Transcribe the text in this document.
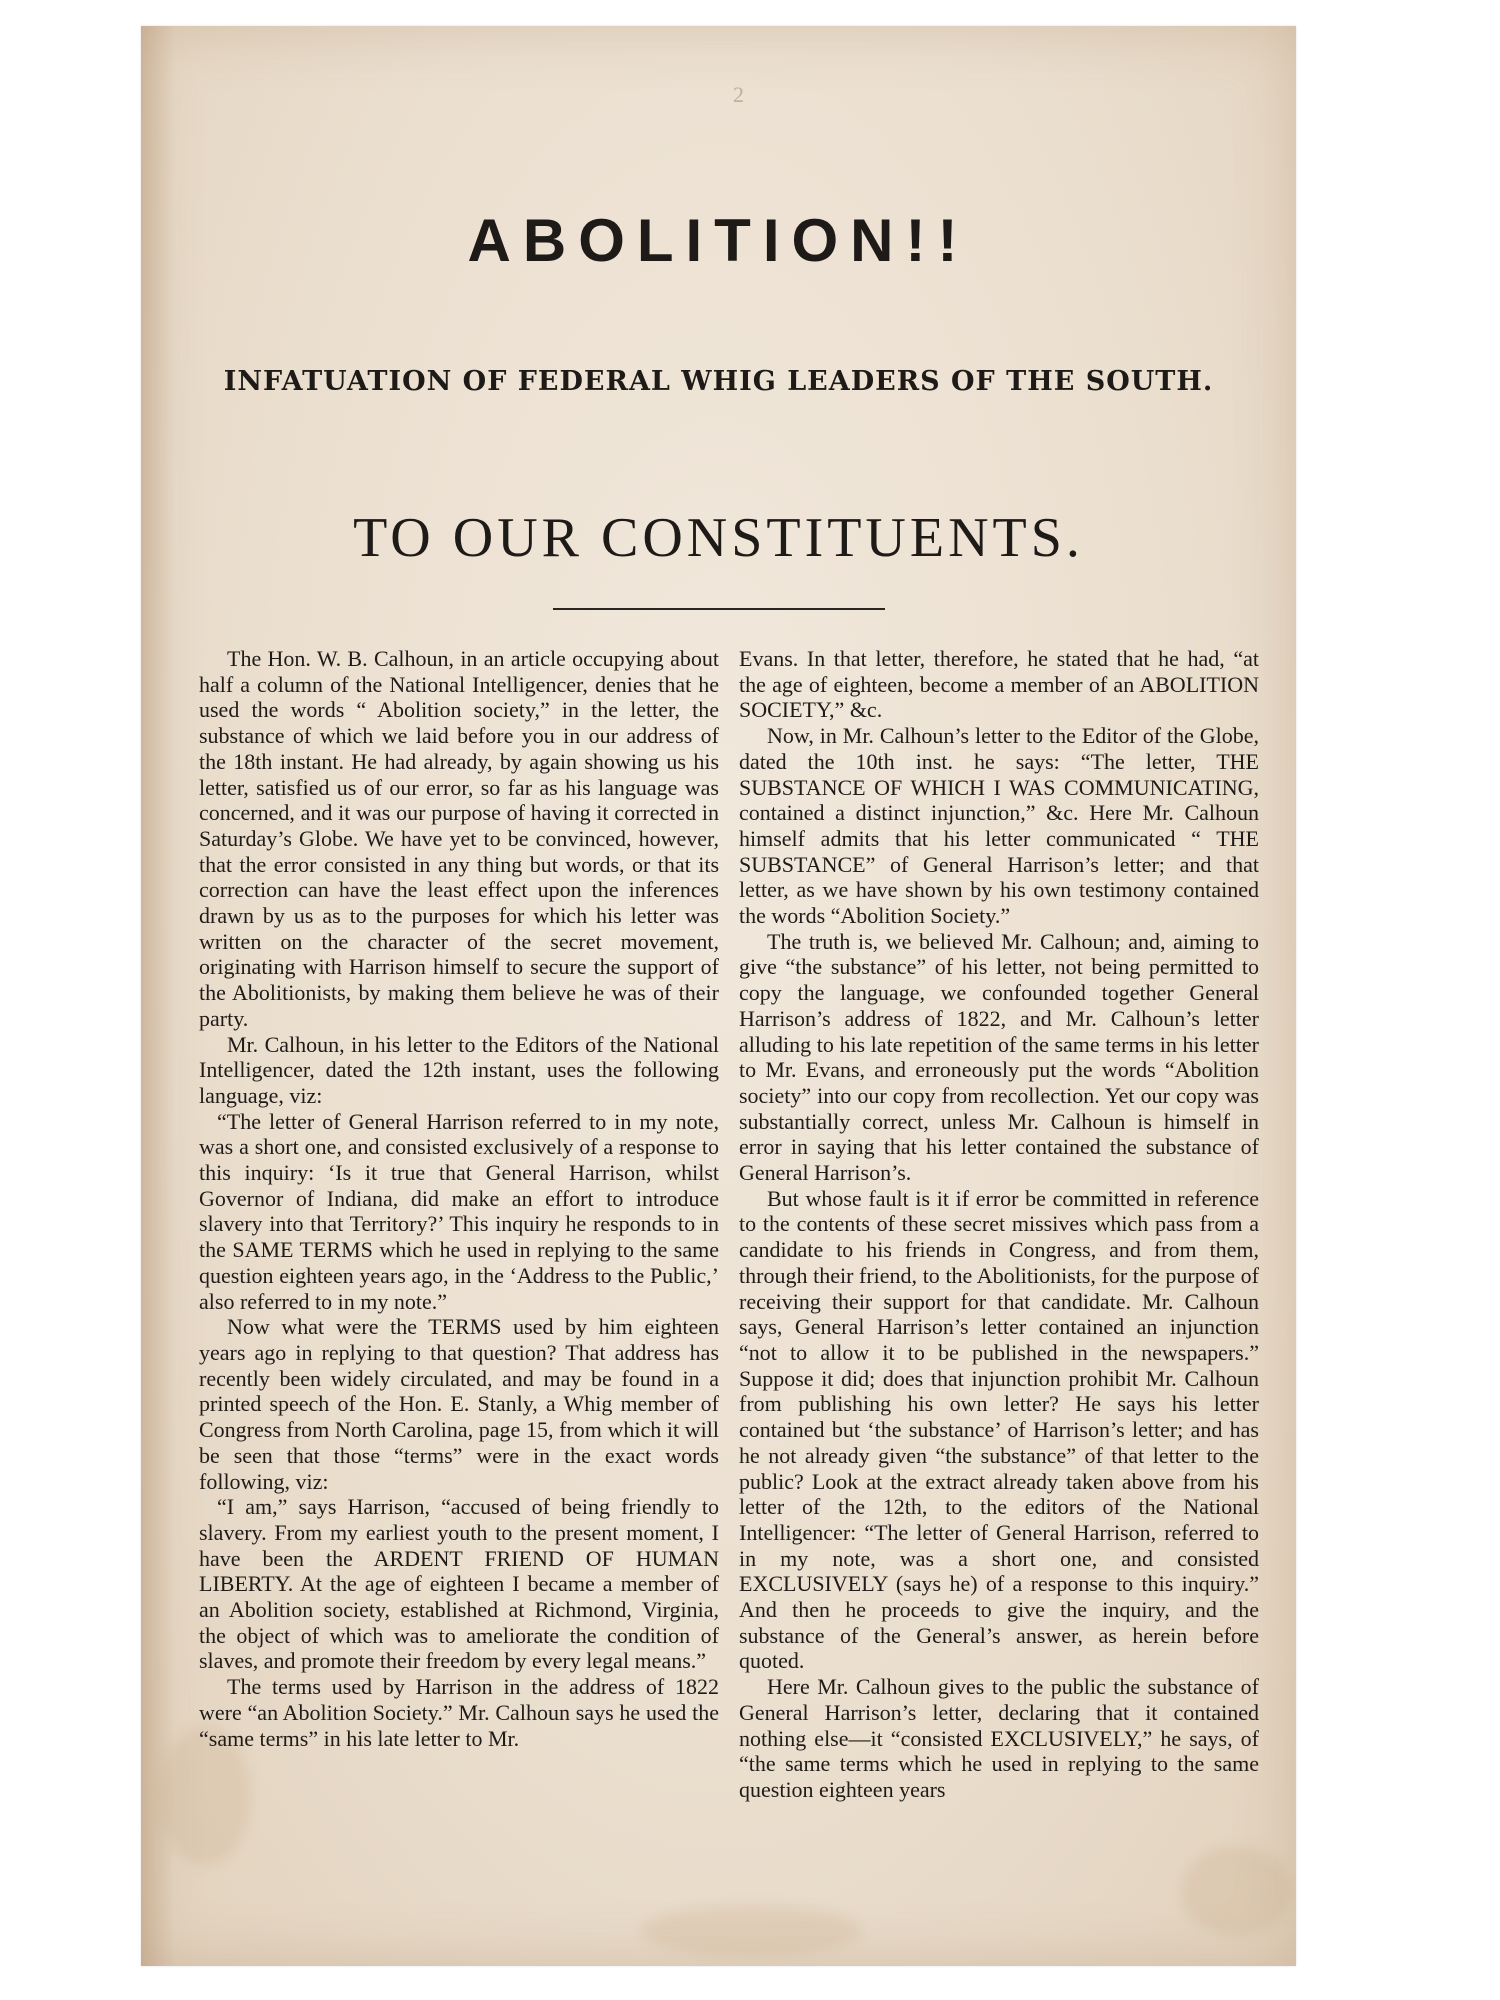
2
ABOLITION!!
INFATUATION OF FEDERAL WHIG LEADERS OF THE SOUTH.
TO OUR CONSTITUENTS.

The Hon. W. B. Calhoun, in an article occupying about half a column of the National Intelligencer, denies that he used the words “ Abolition society,” in the letter, the substance of which we laid before you in our address of the 18th instant. He had already, by again showing us his letter, satisfied us of our error, so far as his language was concerned, and it was our purpose of having it corrected in Saturday’s Globe. We have yet to be convinced, however, that the error consisted in any thing but words, or that its correction can have the least effect upon the inferences drawn by us as to the purposes for which his letter was written on the character of the secret movement, originating with Harrison himself to secure the support of the Abolitionists, by making them believe he was of their party.

Mr. Calhoun, in his letter to the Editors of the National Intelligencer, dated the 12th instant, uses the following language, viz:

“The letter of General Harrison referred to in my note, was a short one, and consisted exclusively of a response to this inquiry: ‘Is it true that General Harrison, whilst Governor of Indiana, did make an effort to introduce slavery into that Territory?’ This inquiry he responds to in the SAME TERMS which he used in replying to the same question eighteen years ago, in the ‘Address to the Public,’ also referred to in my note.”

Now what were the TERMS used by him eighteen years ago in replying to that question? That address has recently been widely circulated, and may be found in a printed speech of the Hon. E. Stanly, a Whig member of Congress from North Carolina, page 15, from which it will be seen that those “terms” were in the exact words following, viz:

“I am,” says Harrison, “accused of being friendly to slavery. From my earliest youth to the present moment, I have been the ARDENT FRIEND OF HUMAN LIBERTY. At the age of eighteen I became a member of an Abolition society, established at Richmond, Virginia, the object of which was to ameliorate the condition of slaves, and promote their freedom by every legal means.”

The terms used by Harrison in the address of 1822 were “an Abolition Society.” Mr. Calhoun says he used the “same terms” in his late letter to Mr.

Evans. In that letter, therefore, he stated that he had, “at the age of eighteen, become a member of an ABOLITION SOCIETY,” &c.

Now, in Mr. Calhoun’s letter to the Editor of the Globe, dated the 10th inst. he says: “The letter, THE SUBSTANCE OF WHICH I WAS COMMUNICATING, contained a distinct injunction,” &c. Here Mr. Calhoun himself admits that his letter communicated “ THE SUBSTANCE” of General Harrison’s letter; and that letter, as we have shown by his own testimony contained the words “Abolition Society.”

The truth is, we believed Mr. Calhoun; and, aiming to give “the substance” of his letter, not being permitted to copy the language, we confounded together General Harrison’s address of 1822, and Mr. Calhoun’s letter alluding to his late repetition of the same terms in his letter to Mr. Evans, and erroneously put the words “Abolition society” into our copy from recollection. Yet our copy was substantially correct, unless Mr. Calhoun is himself in error in saying that his letter contained the substance of General Harrison’s.

But whose fault is it if error be committed in reference to the contents of these secret missives which pass from a candidate to his friends in Congress, and from them, through their friend, to the Abolitionists, for the purpose of receiving their support for that candidate. Mr. Calhoun says, General Harrison’s letter contained an injunction “not to allow it to be published in the newspapers.” Suppose it did; does that injunction prohibit Mr. Calhoun from publishing his own letter? He says his letter contained but ‘the substance’ of Harrison’s letter; and has he not already given “the substance” of that letter to the public? Look at the extract already taken above from his letter of the 12th, to the editors of the National Intelligencer: “The letter of General Harrison, referred to in my note, was a short one, and consisted EXCLUSIVELY (says he) of a response to this inquiry.” And then he proceeds to give the inquiry, and the substance of the General’s answer, as herein before quoted.

Here Mr. Calhoun gives to the public the substance of General Harrison’s letter, declaring that it contained nothing else—it “consisted EXCLUSIVELY,” he says, of “the same terms which he used in replying to the same question eighteen years
